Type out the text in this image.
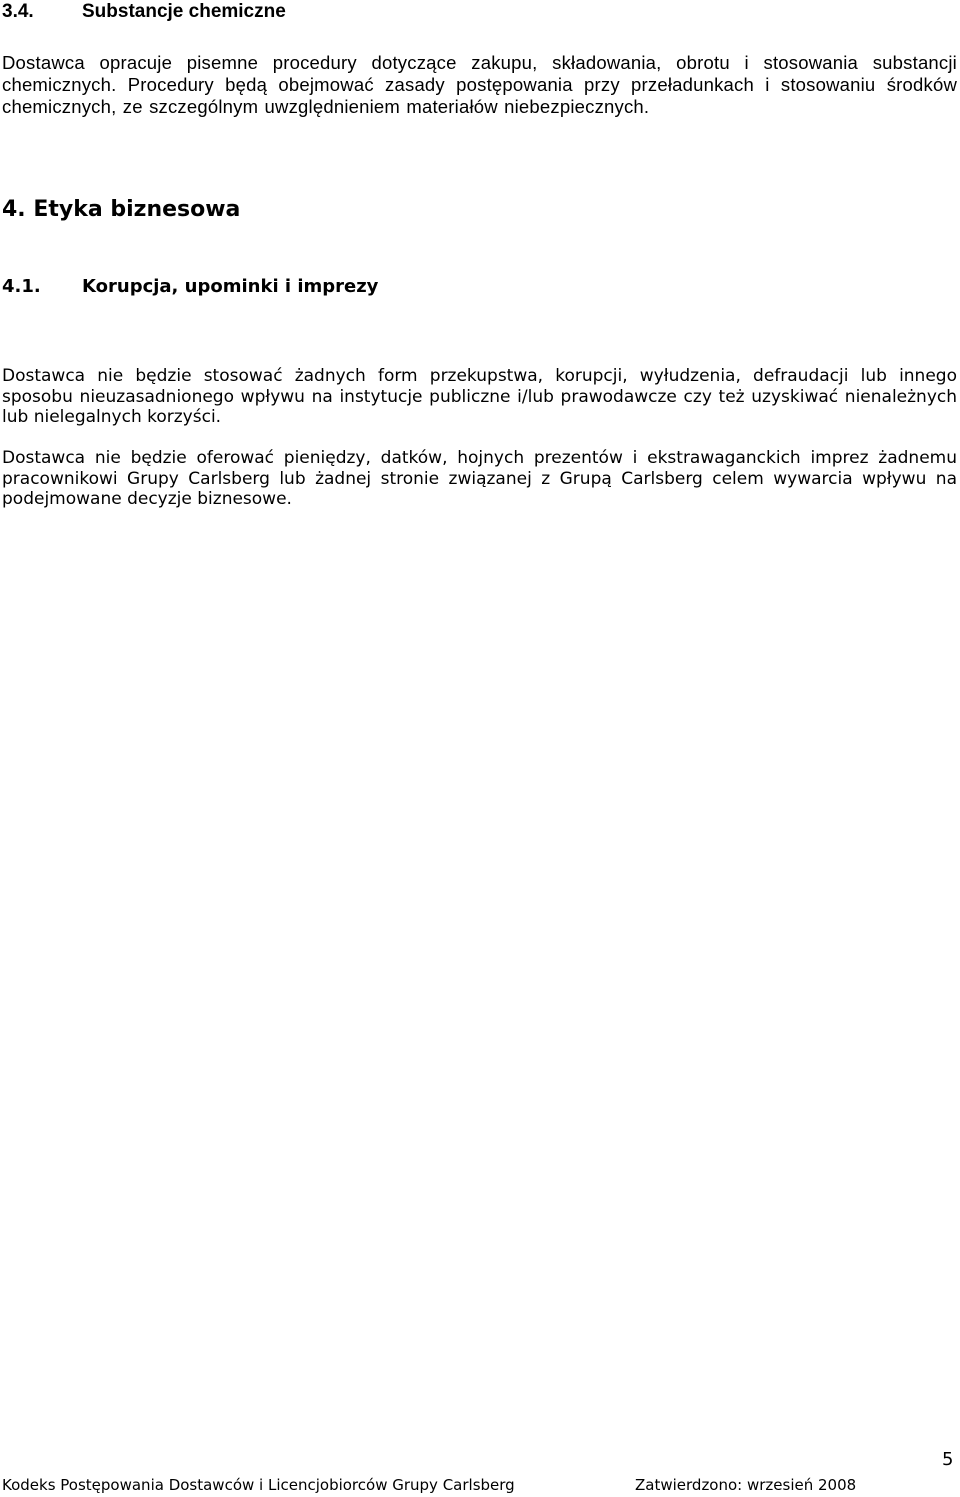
3.4.	Substancje chemiczne

Dostawca opracuje pisemne procedury dotyczące zakupu, składowania, obrotu i stosowania substancji chemicznych. Procedury będą obejmować zasady postępowania przy przeładunkach i stosowaniu środków chemicznych, ze szczególnym uwzględnieniem materiałów niebezpiecznych.

4. Etyka biznesowa
4.1. Korupcja, upominki i imprezy

Dostawca nie będzie stosować żadnych form przekupstwa, korupcji, wyłudzenia, defraudacji lub innego sposobu nieuzasadnionego wpływu na instytucje publiczne i/lub prawodawcze czy też uzyskiwać nienależnych lub nielegalnych korzyści.

Dostawca nie będzie oferować pieniędzy, datków, hojnych prezentów i ekstrawaganckich imprez żadnemu pracownikowi Grupy Carlsberg lub żadnej stronie związanej z Grupą Carlsberg celem wywarcia wpływu na podejmowane decyzje biznesowe.

5
Kodeks Postępowania Dostawców i Licencjobiorców Grupy Carlsberg	Zatwierdzono: wrzesień 2008
